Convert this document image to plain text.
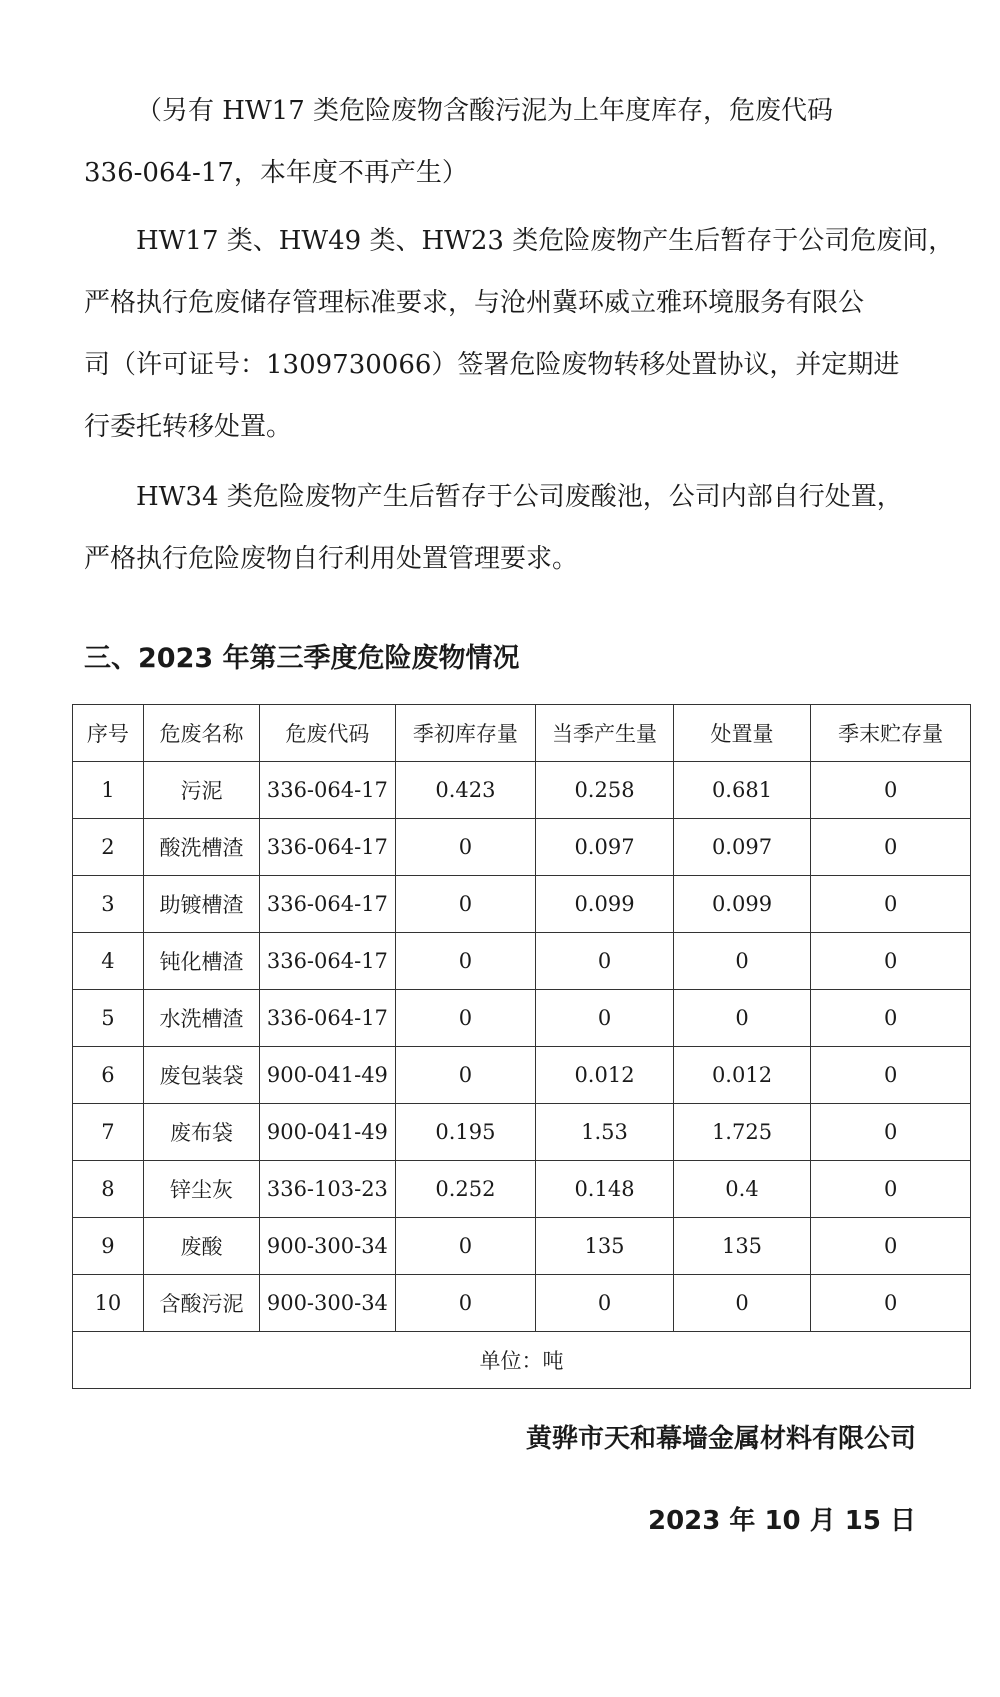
（另有 HW17 类危险废物含酸污泥为上年度库存，危废代码
336-064-17，本年度不再产生）

HW17 类、HW49 类、HW23 类危险废物产生后暂存于公司危废间，
严格执行危废储存管理标准要求，与沧州冀环威立雅环境服务有限公
司（许可证号：1309730066）签署危险废物转移处置协议，并定期进
行委托转移处置。

HW34 类危险废物产生后暂存于公司废酸池，公司内部自行处置，
严格执行危险废物自行利用处置管理要求。

三、2023 年第三季度危险废物情况
序号	危废名称	危废代码	季初库存量	当季产生量	处置量	季末贮存量
1	污泥	336-064-17	0.423	0.258	0.681	0
2	酸洗槽渣	336-064-17	0	0.097	0.097	0
3	助镀槽渣	336-064-17	0	0.099	0.099	0
4	钝化槽渣	336-064-17	0	0	0	0
5	水洗槽渣	336-064-17	0	0	0	0
6	废包装袋	900-041-49	0	0.012	0.012	0
7	废布袋	900-041-49	0.195	1.53	1.725	0
8	锌尘灰	336-103-23	0.252	0.148	0.4	0
9	废酸	900-300-34	0	135	135	0
10	含酸污泥	900-300-34	0	0	0	0
单位：吨						

黄骅市天和幕墙金属材料有限公司

2023 年 10 月 15 日
